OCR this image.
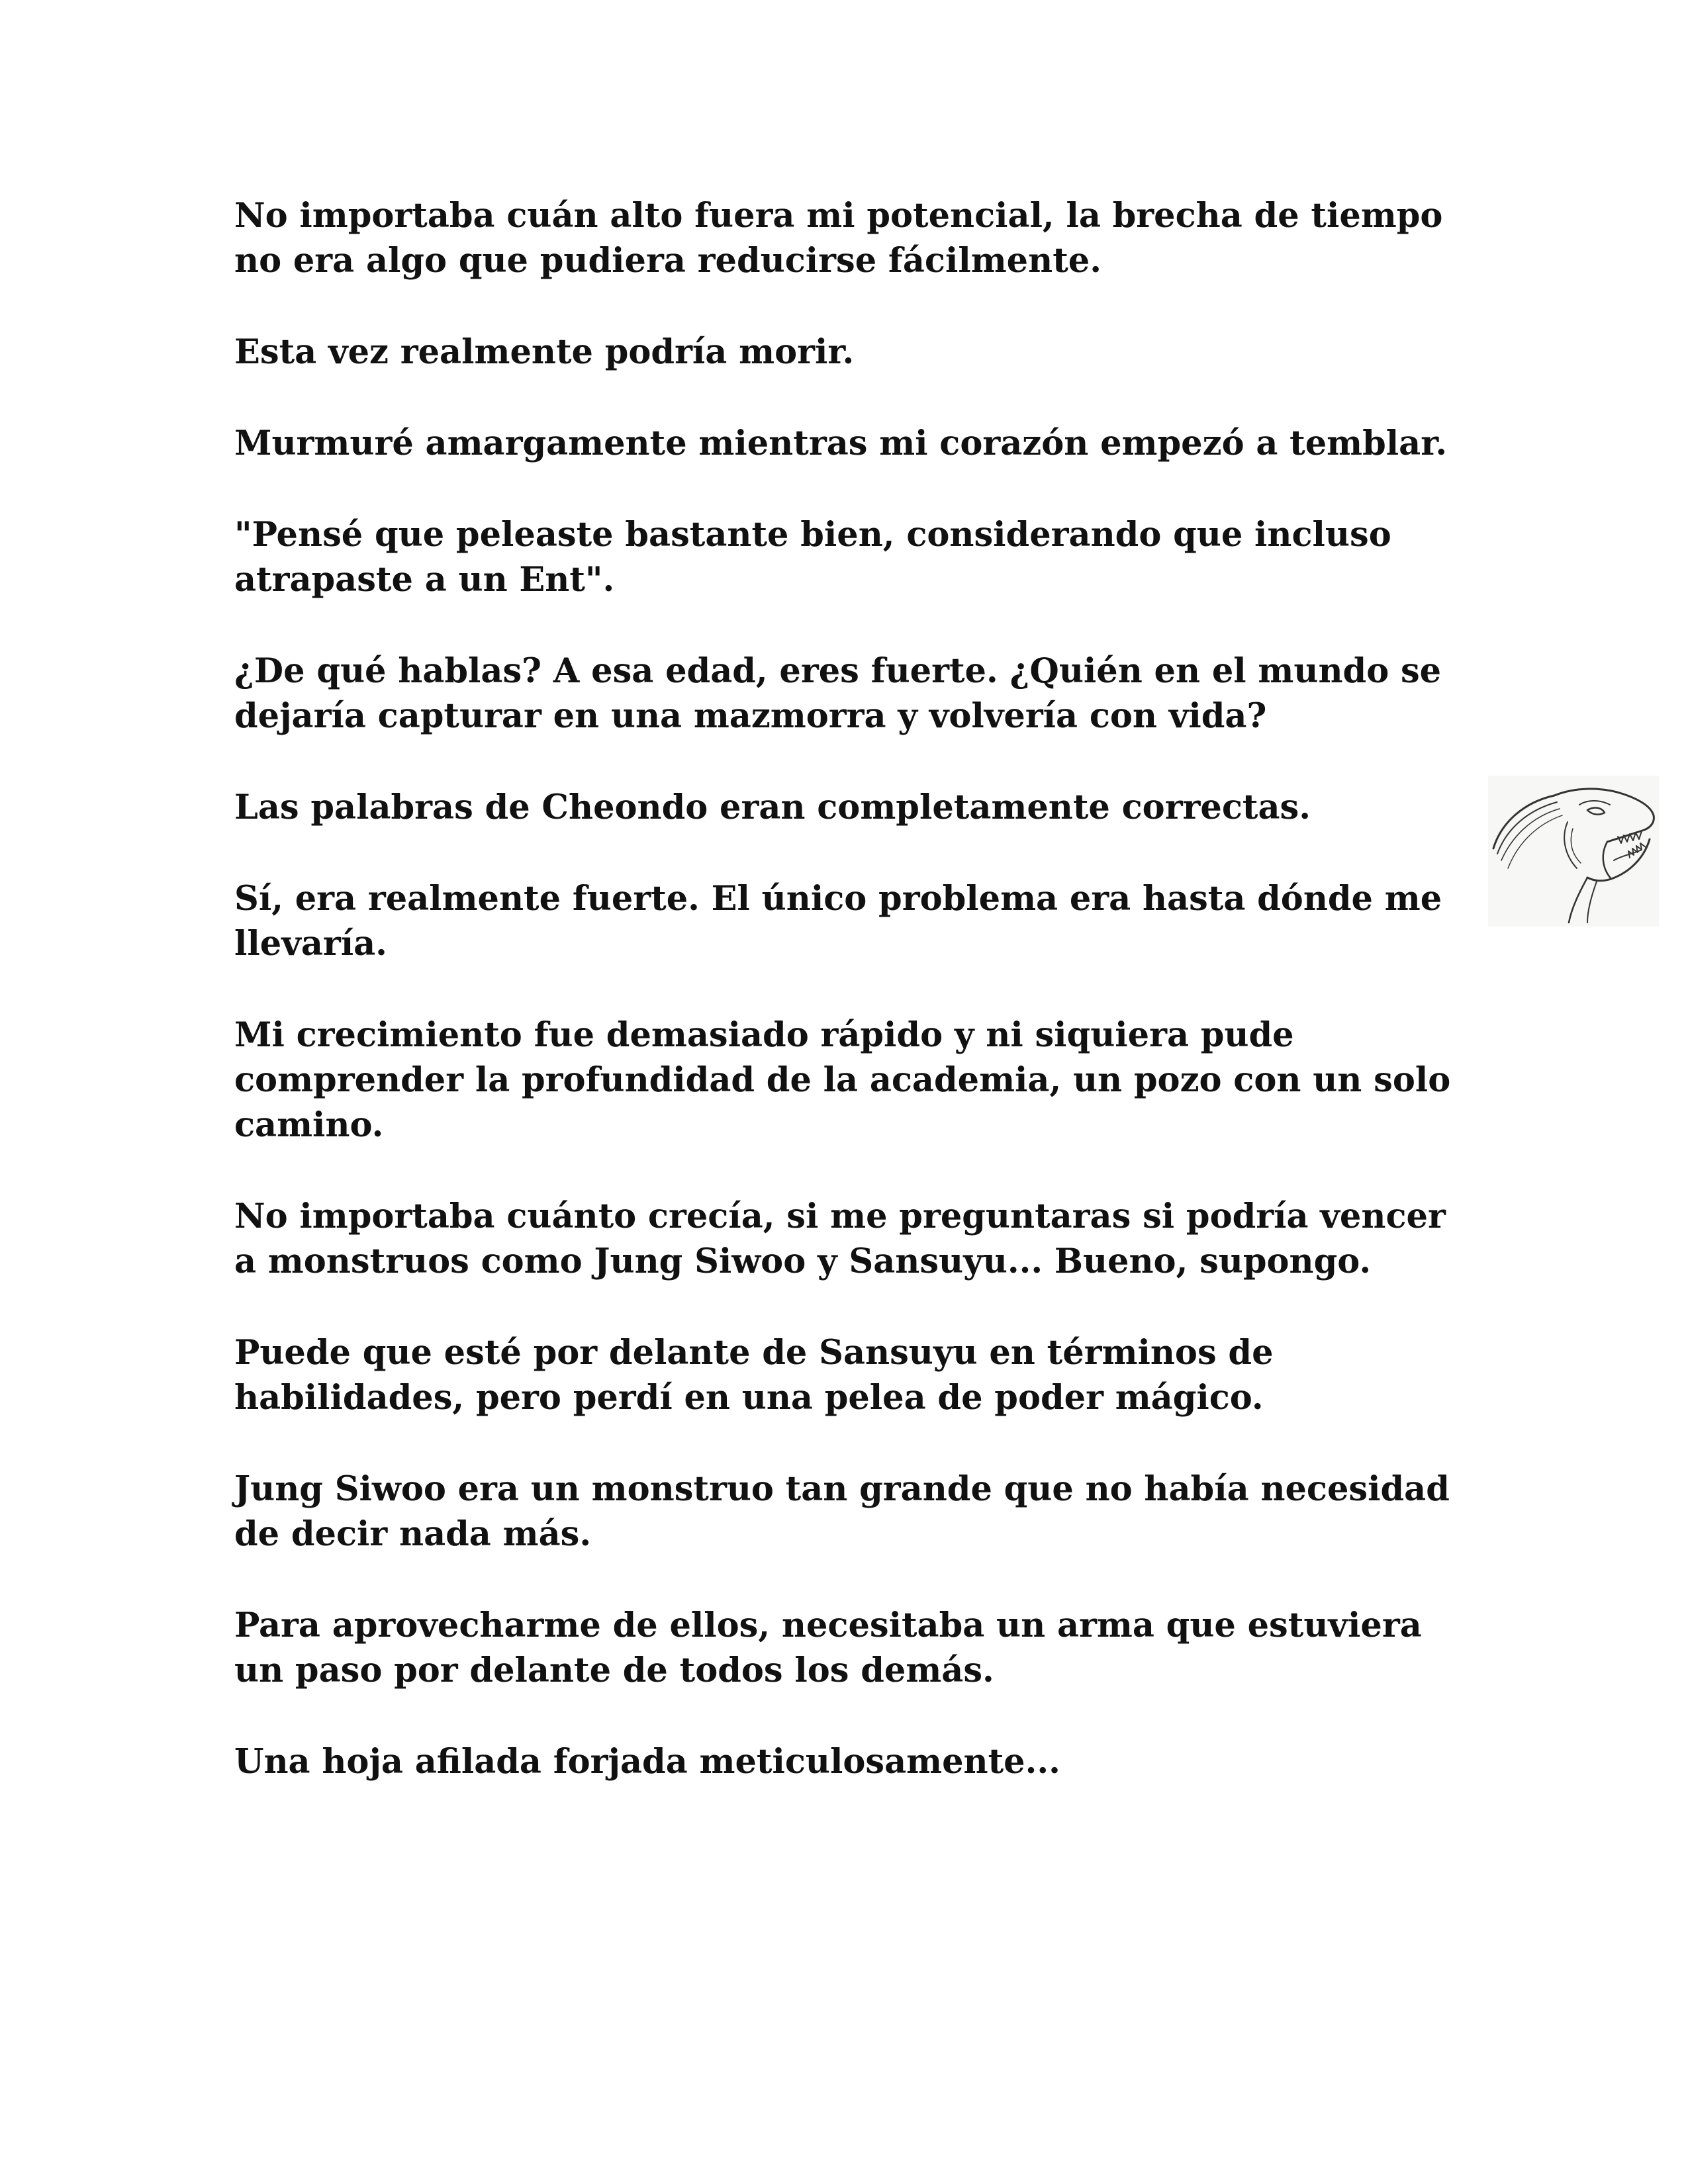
No importaba cuán alto fuera mi potencial, la brecha de tiempo no era algo que pudiera reducirse fácilmente.

Esta vez realmente podría morir.

Murmuré amargamente mientras mi corazón empezó a temblar.

"Pensé que peleaste bastante bien, considerando que incluso atrapaste a un Ent".

¿De qué hablas? A esa edad, eres fuerte. ¿Quién en el mundo se dejaría capturar en una mazmorra y volvería con vida?

Las palabras de Cheondo eran completamente correctas.

Sí, era realmente fuerte. El único problema era hasta dónde me llevaría.

Mi crecimiento fue demasiado rápido y ni siquiera pude comprender la profundidad de la academia, un pozo con un solo camino.

No importaba cuánto crecía, si me preguntaras si podría vencer a monstruos como Jung Siwoo y Sansuyu... Bueno, supongo.

Puede que esté por delante de Sansuyu en términos de habilidades, pero perdí en una pelea de poder mágico.

Jung Siwoo era un monstruo tan grande que no había necesidad de decir nada más.

Para aprovecharme de ellos, necesitaba un arma que estuviera un paso por delante de todos los demás.

Una hoja afilada forjada meticulosamente...
